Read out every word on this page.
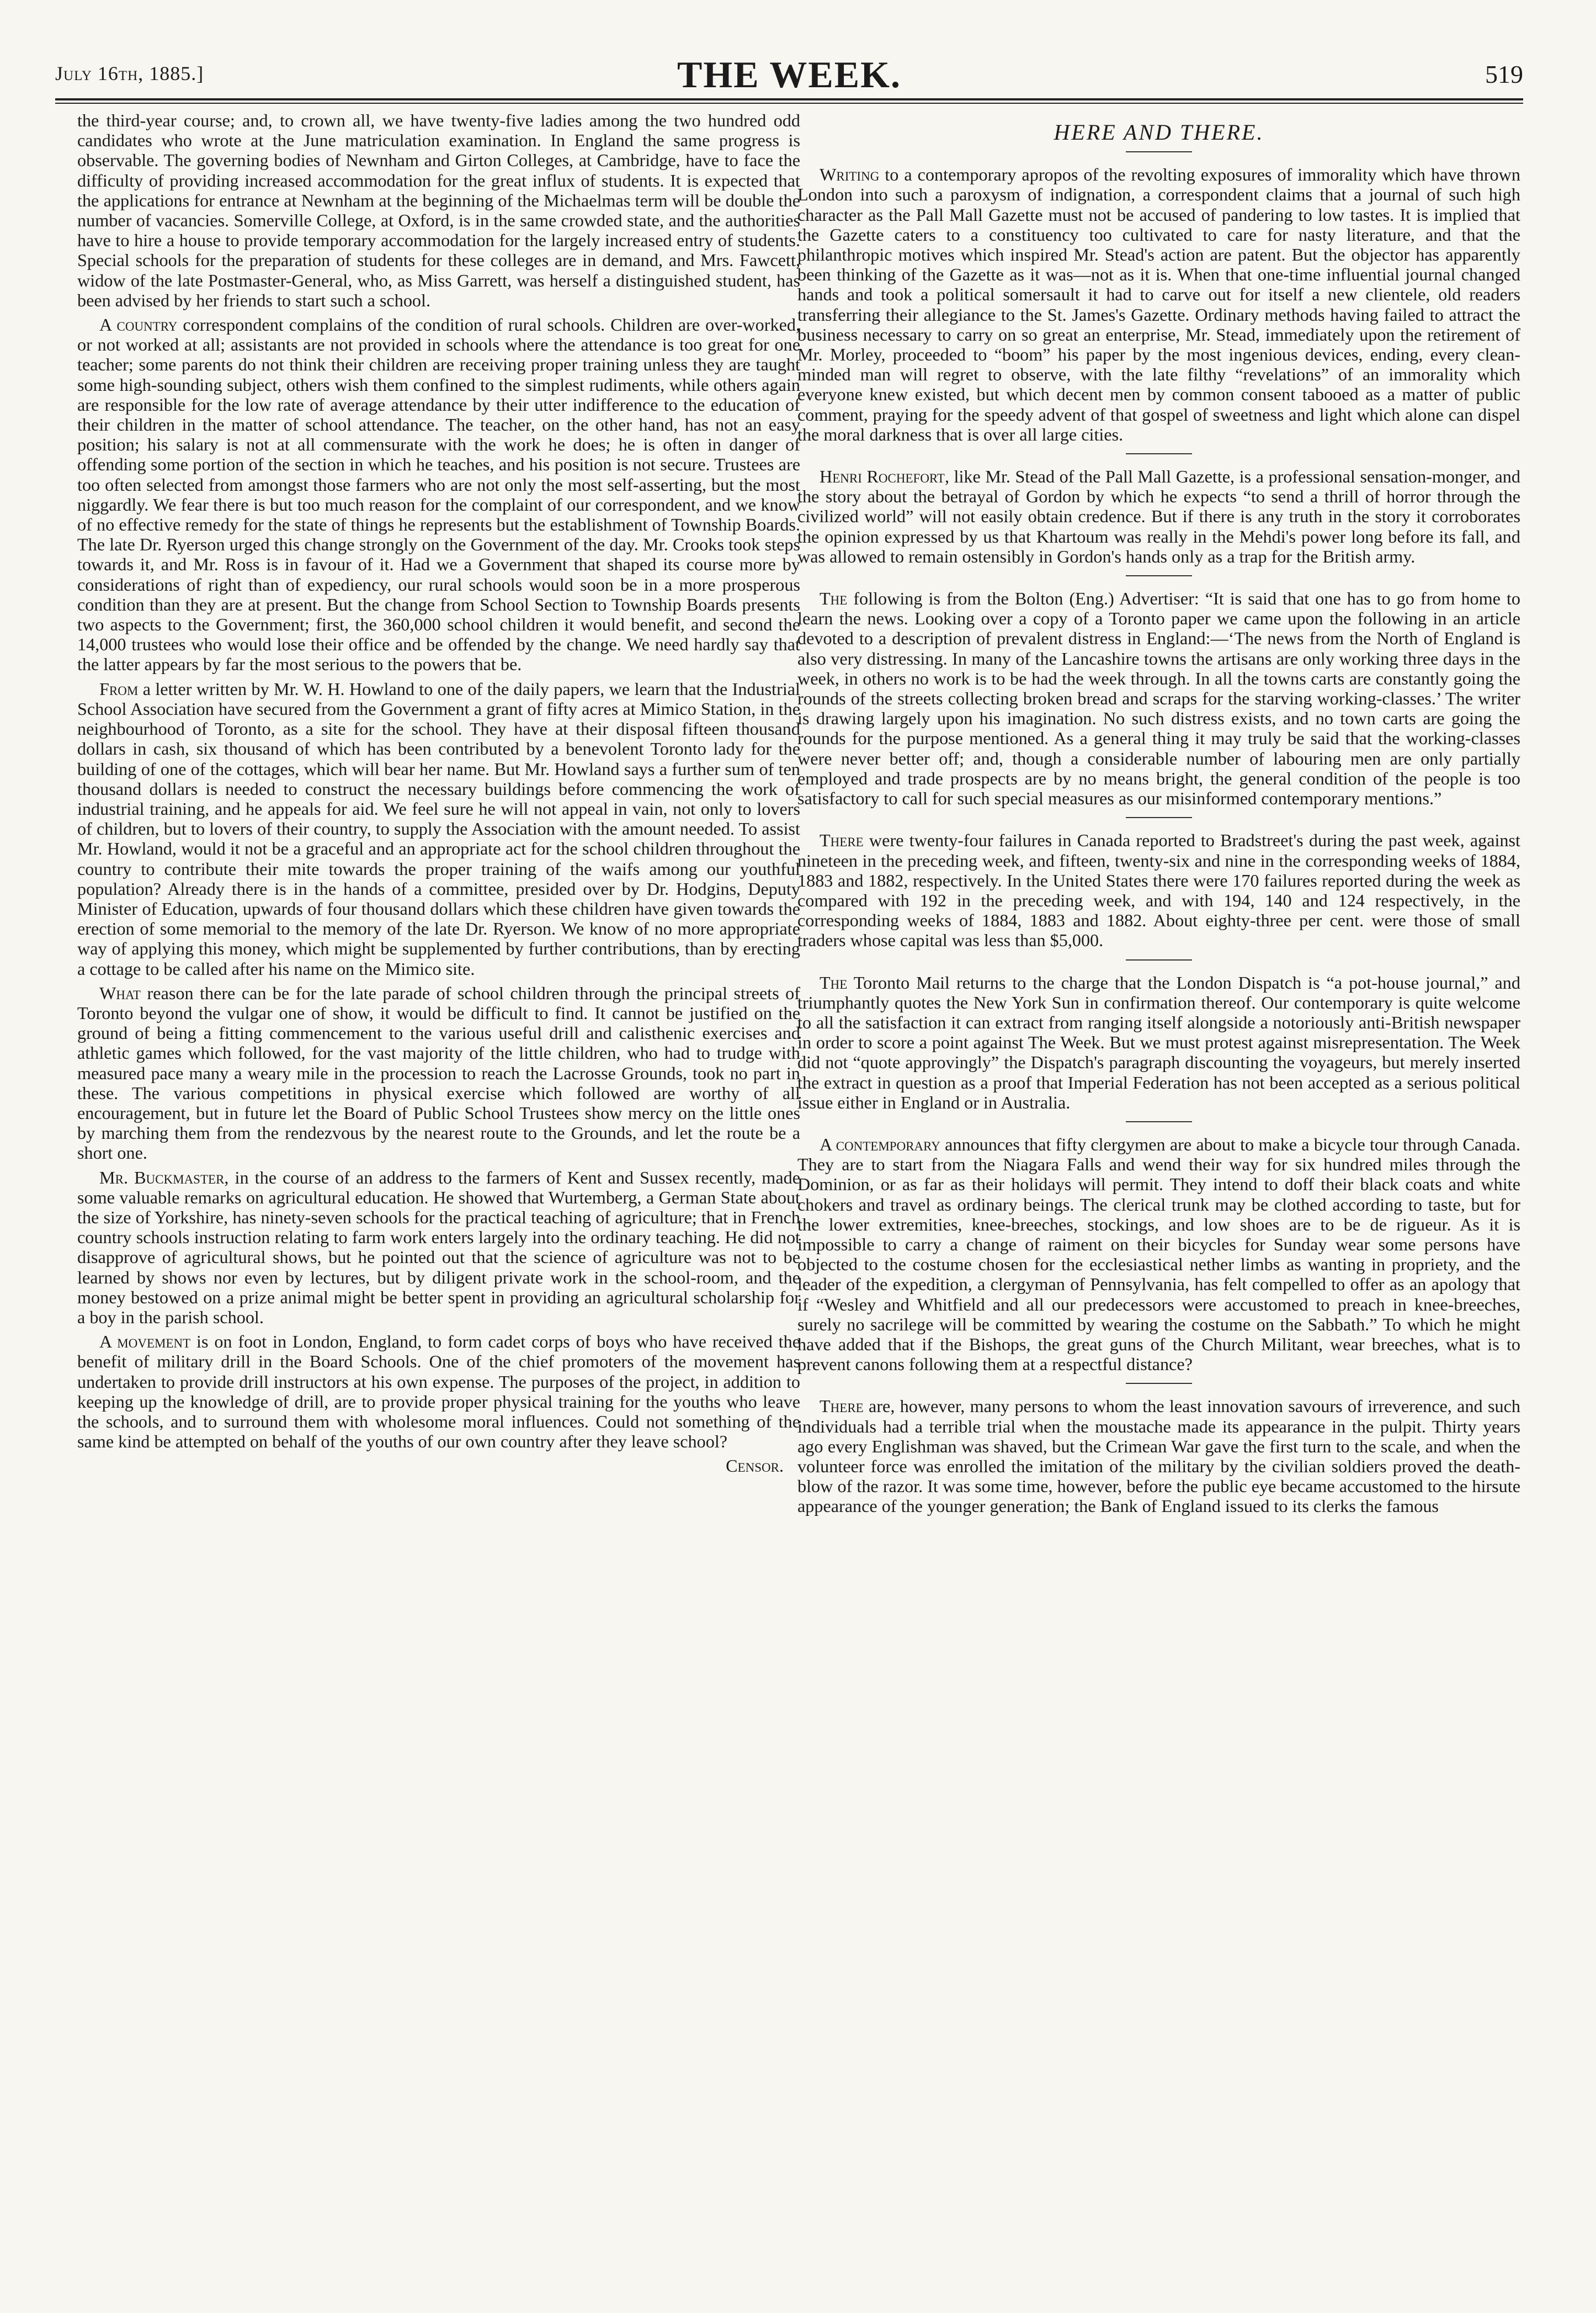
July 16th, 1885.]	THE WEEK.	519

the third-year course; and, to crown all, we have twenty-five ladies among the two hundred odd candidates who wrote at the June matriculation examination. In England the same progress is observable. The governing bodies of Newnham and Girton Colleges, at Cambridge, have to face the difficulty of providing increased accommodation for the great influx of students. It is expected that the applications for entrance at Newnham at the beginning of the Michaelmas term will be double the number of vacancies. Somerville College, at Oxford, is in the same crowded state, and the authorities have to hire a house to provide temporary accommodation for the largely increased entry of students. Special schools for the preparation of students for these colleges are in demand, and Mrs. Fawcett, widow of the late Postmaster-General, who, as Miss Garrett, was herself a distinguished student, has been advised by her friends to start such a school.

A country correspondent complains of the condition of rural schools. Children are over-worked, or not worked at all; assistants are not provided in schools where the attendance is too great for one teacher; some parents do not think their children are receiving proper training unless they are taught some high-sounding subject, others wish them confined to the simplest rudiments, while others again are responsible for the low rate of average attendance by their utter indifference to the education of their children in the matter of school attendance. The teacher, on the other hand, has not an easy position; his salary is not at all commensurate with the work he does; he is often in danger of offending some portion of the section in which he teaches, and his position is not secure. Trustees are too often selected from amongst those farmers who are not only the most self-asserting, but the most niggardly. We fear there is but too much reason for the complaint of our correspondent, and we know of no effective remedy for the state of things he represents but the establishment of Township Boards. The late Dr. Ryerson urged this change strongly on the Government of the day. Mr. Crooks took steps towards it, and Mr. Ross is in favour of it. Had we a Government that shaped its course more by considerations of right than of expediency, our rural schools would soon be in a more prosperous condition than they are at present. But the change from School Section to Township Boards presents two aspects to the Government; first, the 360,000 school children it would benefit, and second the 14,000 trustees who would lose their office and be offended by the change. We need hardly say that the latter appears by far the most serious to the powers that be.

From a letter written by Mr. W. H. Howland to one of the daily papers, we learn that the Industrial School Association have secured from the Government a grant of fifty acres at Mimico Station, in the neighbourhood of Toronto, as a site for the school. They have at their disposal fifteen thousand dollars in cash, six thousand of which has been contributed by a benevolent Toronto lady for the building of one of the cottages, which will bear her name. But Mr. Howland says a further sum of ten thousand dollars is needed to construct the necessary buildings before commencing the work of industrial training, and he appeals for aid. We feel sure he will not appeal in vain, not only to lovers of children, but to lovers of their country, to supply the Association with the amount needed. To assist Mr. Howland, would it not be a graceful and an appropriate act for the school children throughout the country to contribute their mite towards the proper training of the waifs among our youthful population? Already there is in the hands of a committee, presided over by Dr. Hodgins, Deputy Minister of Education, upwards of four thousand dollars which these children have given towards the erection of some memorial to the memory of the late Dr. Ryerson. We know of no more appropriate way of applying this money, which might be supplemented by further contributions, than by erecting a cottage to be called after his name on the Mimico site.

What reason there can be for the late parade of school children through the principal streets of Toronto beyond the vulgar one of show, it would be difficult to find. It cannot be justified on the ground of being a fitting commencement to the various useful drill and calisthenic exercises and athletic games which followed, for the vast majority of the little children, who had to trudge with measured pace many a weary mile in the procession to reach the Lacrosse Grounds, took no part in these. The various competitions in physical exercise which followed are worthy of all encouragement, but in future let the Board of Public School Trustees show mercy on the little ones by marching them from the rendezvous by the nearest route to the Grounds, and let the route be a short one.

Mr. Buckmaster, in the course of an address to the farmers of Kent and Sussex recently, made some valuable remarks on agricultural education. He showed that Wurtemberg, a German State about the size of Yorkshire, has ninety-seven schools for the practical teaching of agriculture; that in French country schools instruction relating to farm work enters largely into the ordinary teaching. He did not disapprove of agricultural shows, but he pointed out that the science of agriculture was not to be learned by shows nor even by lectures, but by diligent private work in the school-room, and the money bestowed on a prize animal might be better spent in providing an agricultural scholarship for a boy in the parish school.

A movement is on foot in London, England, to form cadet corps of boys who have received the benefit of military drill in the Board Schools. One of the chief promoters of the movement has undertaken to provide drill instructors at his own expense. The purposes of the project, in addition to keeping up the knowledge of drill, are to provide proper physical training for the youths who leave the schools, and to surround them with wholesome moral influences. Could not something of the same kind be attempted on behalf of the youths of our own country after they leave school?

Censor.
HERE AND THERE.

Writing to a contemporary apropos of the revolting exposures of immorality which have thrown London into such a paroxysm of indignation, a correspondent claims that a journal of such high character as the Pall Mall Gazette must not be accused of pandering to low tastes. It is implied that the Gazette caters to a constituency too cultivated to care for nasty literature, and that the philanthropic motives which inspired Mr. Stead's action are patent. But the objector has apparently been thinking of the Gazette as it was—not as it is. When that one-time influential journal changed hands and took a political somersault it had to carve out for itself a new clientele, old readers transferring their allegiance to the St. James's Gazette. Ordinary methods having failed to attract the business necessary to carry on so great an enterprise, Mr. Stead, immediately upon the retirement of Mr. Morley, proceeded to “boom” his paper by the most ingenious devices, ending, every clean-minded man will regret to observe, with the late filthy “revelations” of an immorality which everyone knew existed, but which decent men by common consent tabooed as a matter of public comment, praying for the speedy advent of that gospel of sweetness and light which alone can dispel the moral darkness that is over all large cities.

Henri Rochefort, like Mr. Stead of the Pall Mall Gazette, is a professional sensation-monger, and the story about the betrayal of Gordon by which he expects “to send a thrill of horror through the civilized world” will not easily obtain credence. But if there is any truth in the story it corroborates the opinion expressed by us that Khartoum was really in the Mehdi's power long before its fall, and was allowed to remain ostensibly in Gordon's hands only as a trap for the British army.

The following is from the Bolton (Eng.) Advertiser: “It is said that one has to go from home to learn the news. Looking over a copy of a Toronto paper we came upon the following in an article devoted to a description of prevalent distress in England:—‘The news from the North of England is also very distressing. In many of the Lancashire towns the artisans are only working three days in the week, in others no work is to be had the week through. In all the towns carts are constantly going the rounds of the streets collecting broken bread and scraps for the starving working-classes.’ The writer is drawing largely upon his imagination. No such distress exists, and no town carts are going the rounds for the purpose mentioned. As a general thing it may truly be said that the working-classes were never better off; and, though a considerable number of labouring men are only partially employed and trade prospects are by no means bright, the general condition of the people is too satisfactory to call for such special measures as our misinformed contemporary mentions.”

There were twenty-four failures in Canada reported to Bradstreet's during the past week, against nineteen in the preceding week, and fifteen, twenty-six and nine in the corresponding weeks of 1884, 1883 and 1882, respectively. In the United States there were 170 failures reported during the week as compared with 192 in the preceding week, and with 194, 140 and 124 respectively, in the corresponding weeks of 1884, 1883 and 1882. About eighty-three per cent. were those of small traders whose capital was less than $5,000.

The Toronto Mail returns to the charge that the London Dispatch is “a pot-house journal,” and triumphantly quotes the New York Sun in confirmation thereof. Our contemporary is quite welcome to all the satisfaction it can extract from ranging itself alongside a notoriously anti-British newspaper in order to score a point against The Week. But we must protest against misrepresentation. The Week did not “quote approvingly” the Dispatch's paragraph discounting the voyageurs, but merely inserted the extract in question as a proof that Imperial Federation has not been accepted as a serious political issue either in England or in Australia.

A contemporary announces that fifty clergymen are about to make a bicycle tour through Canada. They are to start from the Niagara Falls and wend their way for six hundred miles through the Dominion, or as far as their holidays will permit. They intend to doff their black coats and white chokers and travel as ordinary beings. The clerical trunk may be clothed according to taste, but for the lower extremities, knee-breeches, stockings, and low shoes are to be de rigueur. As it is impossible to carry a change of raiment on their bicycles for Sunday wear some persons have objected to the costume chosen for the ecclesiastical nether limbs as wanting in propriety, and the leader of the expedition, a clergyman of Pennsylvania, has felt compelled to offer as an apology that if “Wesley and Whitfield and all our predecessors were accustomed to preach in knee-breeches, surely no sacrilege will be committed by wearing the costume on the Sabbath.” To which he might have added that if the Bishops, the great guns of the Church Militant, wear breeches, what is to prevent canons following them at a respectful distance?

There are, however, many persons to whom the least innovation savours of irreverence, and such individuals had a terrible trial when the moustache made its appearance in the pulpit. Thirty years ago every Englishman was shaved, but the Crimean War gave the first turn to the scale, and when the volunteer force was enrolled the imitation of the military by the civilian soldiers proved the death-blow of the razor. It was some time, however, before the public eye became accustomed to the hirsute appearance of the younger generation; the Bank of England issued to its clerks the famous
